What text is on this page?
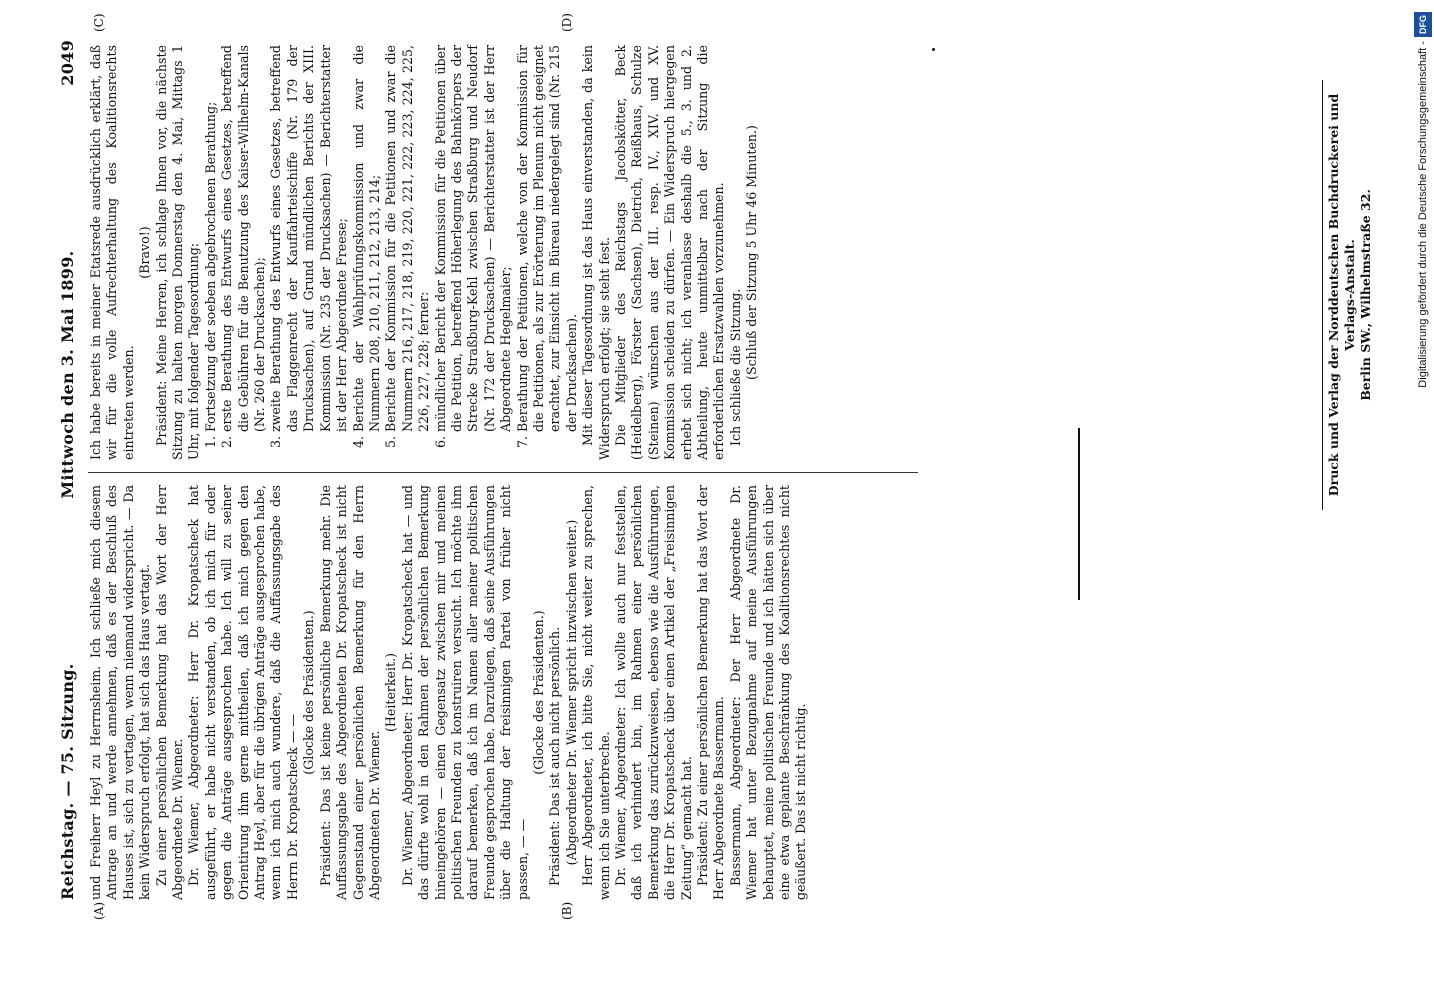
Reichstag. — 75. Sitzung.
Mittwoch den 3. Mai 1899.
2049
(A)	(B)
(C)	(D)

und Freiherr Heyl zu Herrnsheim. Ich schließe mich diesem Antrage an und werde annehmen, daß es der Beschluß des Hauses ist, sich zu vertagen, wenn niemand widerspricht. — Da kein Widerspruch erfolgt, hat sich das Haus vertagt. Zu einer persönlichen Bemerkung hat das Wort der Herr Abgeordnete Dr. Wiemer. Dr. Wiemer, Abgeordneter: Herr Dr. Kropatscheck hat ausgeführt, er habe nicht verstanden, ob ich mich für oder gegen die Anträge ausgesprochen habe. Ich will zu seiner Orientirung ihm gerne mittheilen, daß ich mich gegen den Antrag Heyl, aber für die übrigen Anträge ausgesprochen habe, wenn ich mich auch wundere, daß die Auffassungsgabe des Herrn Dr. Kropatscheck — —

(Glocke des Präsidenten.) Präsident: Das ist keine persönliche Bemerkung mehr. Die Auffassungsgabe des Abgeordneten Dr. Kropatscheck ist nicht Gegenstand einer persönlichen Bemerkung für den Herrn Abgeordneten Dr. Wiemer.

(Heiterkeit.) Dr. Wiemer, Abgeordneter: Herr Dr. Kropatscheck hat — und das dürfte wohl in den Rahmen der persönlichen Bemerkung hineingehören — einen Gegensatz zwischen mir und meinen politischen Freunden zu konstruiren versucht. Ich möchte ihm darauf bemerken, daß ich im Namen aller meiner politischen Freunde gesprochen habe. Darzulegen, daß seine Ausführungen über die Haltung der freisinnigen Partei von früher nicht passen, — —

(Glocke des Präsidenten.) Präsident: Das ist auch nicht persönlich. (Abgeordneter Dr. Wiemer spricht inzwischen weiter.) Herr Abgeordneter, ich bitte Sie, nicht weiter zu sprechen, wenn ich Sie unterbreche. Dr. Wiemer, Abgeordneter: Ich wollte auch nur feststellen, daß ich verhindert bin, im Rahmen einer persönlichen Bemerkung das zurückzuweisen, ebenso wie die Ausführungen, die Herr Dr. Kropatscheck über einen Artikel der „Freisinnigen Zeitung“ gemacht hat. Präsident: Zu einer persönlichen Bemerkung hat das Wort der Herr Abgeordnete Bassermann. Bassermann, Abgeordneter: Der Herr Abgeordnete Dr. Wiemer hat unter Bezugnahme auf meine Ausführungen behauptet, meine politischen Freunde und ich hätten sich über eine etwa geplante Beschränkung des Koalitionsrechtes nicht geäußert. Das ist nicht richtig.

Ich habe bereits in meiner Etatsrede ausdrücklich erklärt, daß wir für die volle Aufrechterhaltung des Koalitionsrechts eintreten werden.

(Bravo!) Präsident: Meine Herren, ich schlage Ihnen vor, die nächste Sitzung zu halten morgen Donnerstag den 4. Mai, Mittags 1 Uhr, mit folgender Tagesordnung: 1. Fortsetzung der soeben abgebrochenen Berathung; 2. erste Berathung des Entwurfs eines Gesetzes, betreffend die Gebühren für die Benutzung des Kaiser-Wilhelm-Kanals (Nr. 260 der Drucksachen); 3. zweite Berathung des Entwurfs eines Gesetzes, betreffend das Flaggenrecht der Kauffahrteischiffe (Nr. 179 der Drucksachen), auf Grund mündlichen Berichts der XIII. Kommission (Nr. 235 der Drucksachen) — Berichterstatter ist der Herr Abgeordnete Freese; 4. Berichte der Wahlprüfungskommission und zwar die Nummern 208, 210, 211, 212, 213, 214; 5. Berichte der Kommission für die Petitionen und zwar die Nummern 216, 217, 218, 219, 220, 221, 222, 223, 224, 225, 226, 227, 228; ferner: 6. mündlicher Bericht der Kommission für die Petitionen über die Petition, betreffend Höherlegung des Bahnkörpers der Strecke Straßburg-Kehl zwischen Straßburg und Neudorf (Nr. 172 der Drucksachen) — Berichterstatter ist der Herr Abgeordnete Hegelmaier; 7. Berathung der Petitionen, welche von der Kommission für die Petitionen, als zur Erörterung im Plenum nicht geeignet erachtet, zur Einsicht im Büreau niedergelegt sind (Nr. 215 der Drucksachen). Mit dieser Tagesordnung ist das Haus einverstanden, da kein Widerspruch erfolgt; sie steht fest. Die Mitglieder des Reichstags Jacobskötter, Beck (Heidelberg), Förster (Sachsen), Dietrich, Reißhaus, Schulze (Steinen) wünschen aus der III. resp. IV., XIV. und XV. Kommission scheiden zu dürfen. — Ein Widerspruch hiergegen erhebt sich nicht; ich veranlasse deshalb die 5., 3. und 2. Abtheilung, heute unmittelbar nach der Sitzung die erforderlichen Ersatzwahlen vorzunehmen. Ich schließe die Sitzung. (Schluß der Sitzung 5 Uhr 46 Minuten.)	Druck und Verlag der Norddeutschen Buchdruckerei und Verlags-Anstalt. Berlin SW., Wilhelmstraße 32.	Digitalisierung gefördert durch die Deutsche Forschungsgemeinschaft -DFG
